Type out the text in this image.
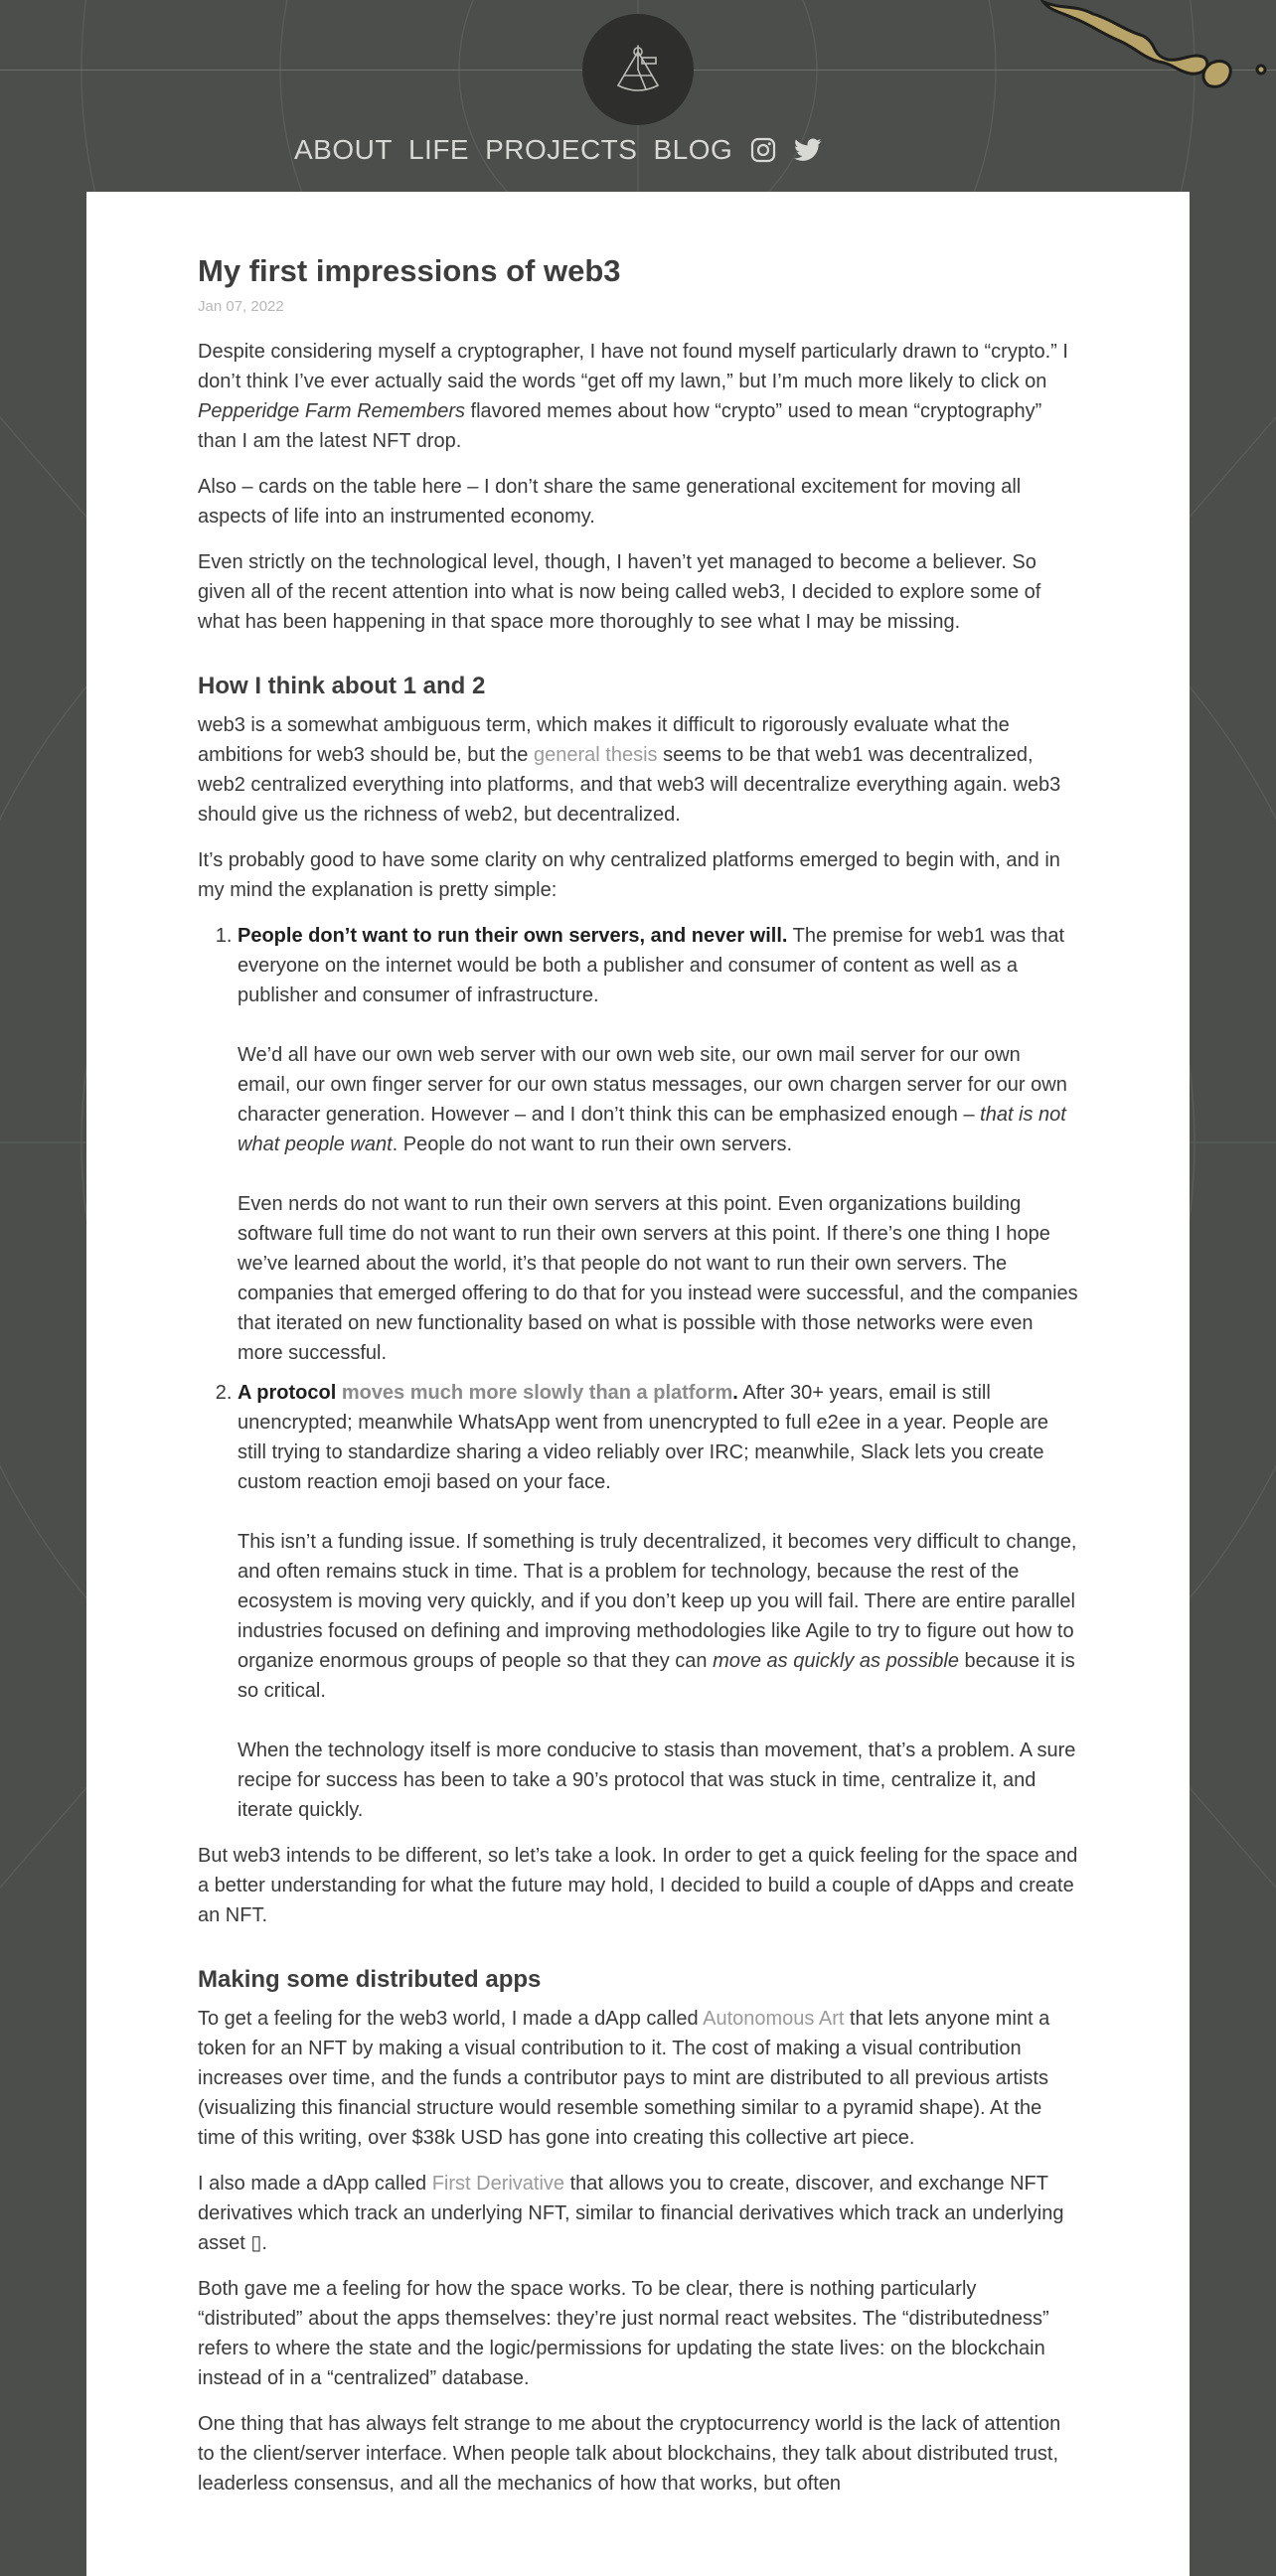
ABOUT LIFE PROJECTS BLOG
My first impressions of web3
Jan 07, 2022

Despite considering myself a cryptographer, I have not found myself particularly drawn to “crypto.” I don’t think I’ve ever actually said the words “get off my lawn,” but I’m much more likely to click on Pepperidge Farm Remembers flavored memes about how “crypto” used to mean “cryptography” than I am the latest NFT drop.

Also – cards on the table here – I don’t share the same generational excitement for moving all aspects of life into an instrumented economy.

Even strictly on the technological level, though, I haven’t yet managed to become a believer. So given all of the recent attention into what is now being called web3, I decided to explore some of what has been happening in that space more thoroughly to see what I may be missing.

How I think about 1 and 2

web3 is a somewhat ambiguous term, which makes it difficult to rigorously evaluate what the ambitions for web3 should be, but the general thesis seems to be that web1 was decentralized, web2 centralized everything into platforms, and that web3 will decentralize everything again. web3 should give us the richness of web2, but decentralized.

It’s probably good to have some clarity on why centralized platforms emerged to begin with, and in my mind the explanation is pretty simple:

1. People don’t want to run their own servers, and never will. The premise for web1 was that everyone on the internet would be both a publisher and consumer of content as well as a publisher and consumer of infrastructure.

We’d all have our own web server with our own web site, our own mail server for our own email, our own finger server for our own status messages, our own chargen server for our own character generation. However – and I don’t think this can be emphasized enough – that is not what people want. People do not want to run their own servers.

Even nerds do not want to run their own servers at this point. Even organizations building software full time do not want to run their own servers at this point. If there’s one thing I hope we’ve learned about the world, it’s that people do not want to run their own servers. The companies that emerged offering to do that for you instead were successful, and the companies that iterated on new functionality based on what is possible with those networks were even more successful.

2. A protocol moves much more slowly than a platform. After 30+ years, email is still unencrypted; meanwhile WhatsApp went from unencrypted to full e2ee in a year. People are still trying to standardize sharing a video reliably over IRC; meanwhile, Slack lets you create custom reaction emoji based on your face.

This isn’t a funding issue. If something is truly decentralized, it becomes very difficult to change, and often remains stuck in time. That is a problem for technology, because the rest of the ecosystem is moving very quickly, and if you don’t keep up you will fail. There are entire parallel industries focused on defining and improving methodologies like Agile to try to figure out how to organize enormous groups of people so that they can move as quickly as possible because it is so critical.

When the technology itself is more conducive to stasis than movement, that’s a problem. A sure recipe for success has been to take a 90’s protocol that was stuck in time, centralize it, and iterate quickly.

But web3 intends to be different, so let’s take a look. In order to get a quick feeling for the space and a better understanding for what the future may hold, I decided to build a couple of dApps and create an NFT.

Making some distributed apps

To get a feeling for the web3 world, I made a dApp called Autonomous Art that lets anyone mint a token for an NFT by making a visual contribution to it. The cost of making a visual contribution increases over time, and the funds a contributor pays to mint are distributed to all previous artists (visualizing this financial structure would resemble something similar to a pyramid shape). At the time of this writing, over $38k USD has gone into creating this collective art piece.

I also made a dApp called First Derivative that allows you to create, discover, and exchange NFT derivatives which track an underlying NFT, similar to financial derivatives which track an underlying asset ▯.

Both gave me a feeling for how the space works. To be clear, there is nothing particularly “distributed” about the apps themselves: they’re just normal react websites. The “distributedness” refers to where the state and the logic/permissions for updating the state lives: on the blockchain instead of in a “centralized” database.

One thing that has always felt strange to me about the cryptocurrency world is the lack of attention to the client/server interface. When people talk about blockchains, they talk about distributed trust, leaderless consensus, and all the mechanics of how that works, but often
